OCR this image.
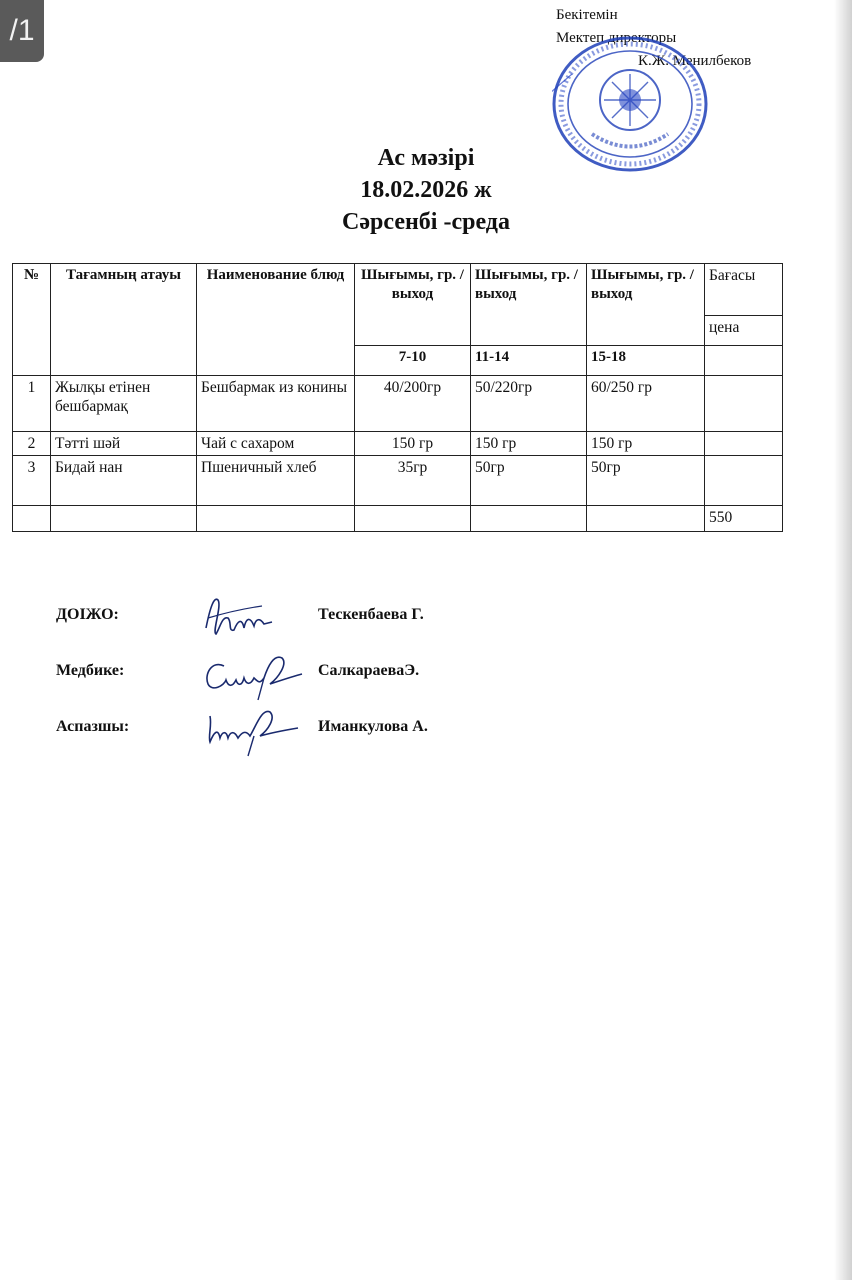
/1	Бекітемін
Мектеп директоры
К.Ж. Менилбеков
Ас мәзірі
18.02.2026 ж
Сәрсенбі -среда
№	Тағамның атауы	Наименование блюд	Шығымы, гр. / выход	Шығымы, гр. / выход	Шығымы, гр. / выход	Бағасы
						цена
			7-10	11-14	15-18	
1	Жылқы етінен бешбармақ	Бешбармак из конины	40/200гр	50/220гр	60/250 гр	
2	Тәтті шәй	Чай с сахаром	150 гр	150 гр	150 гр	
3	Бидай нан	Пшеничный хлеб	35гр	50гр	50гр	
						550
ДОІЖО:	Тескенбаева Г.
Медбике:	СалкараеваЭ.
Аспазшы:	Иманкулова А.
